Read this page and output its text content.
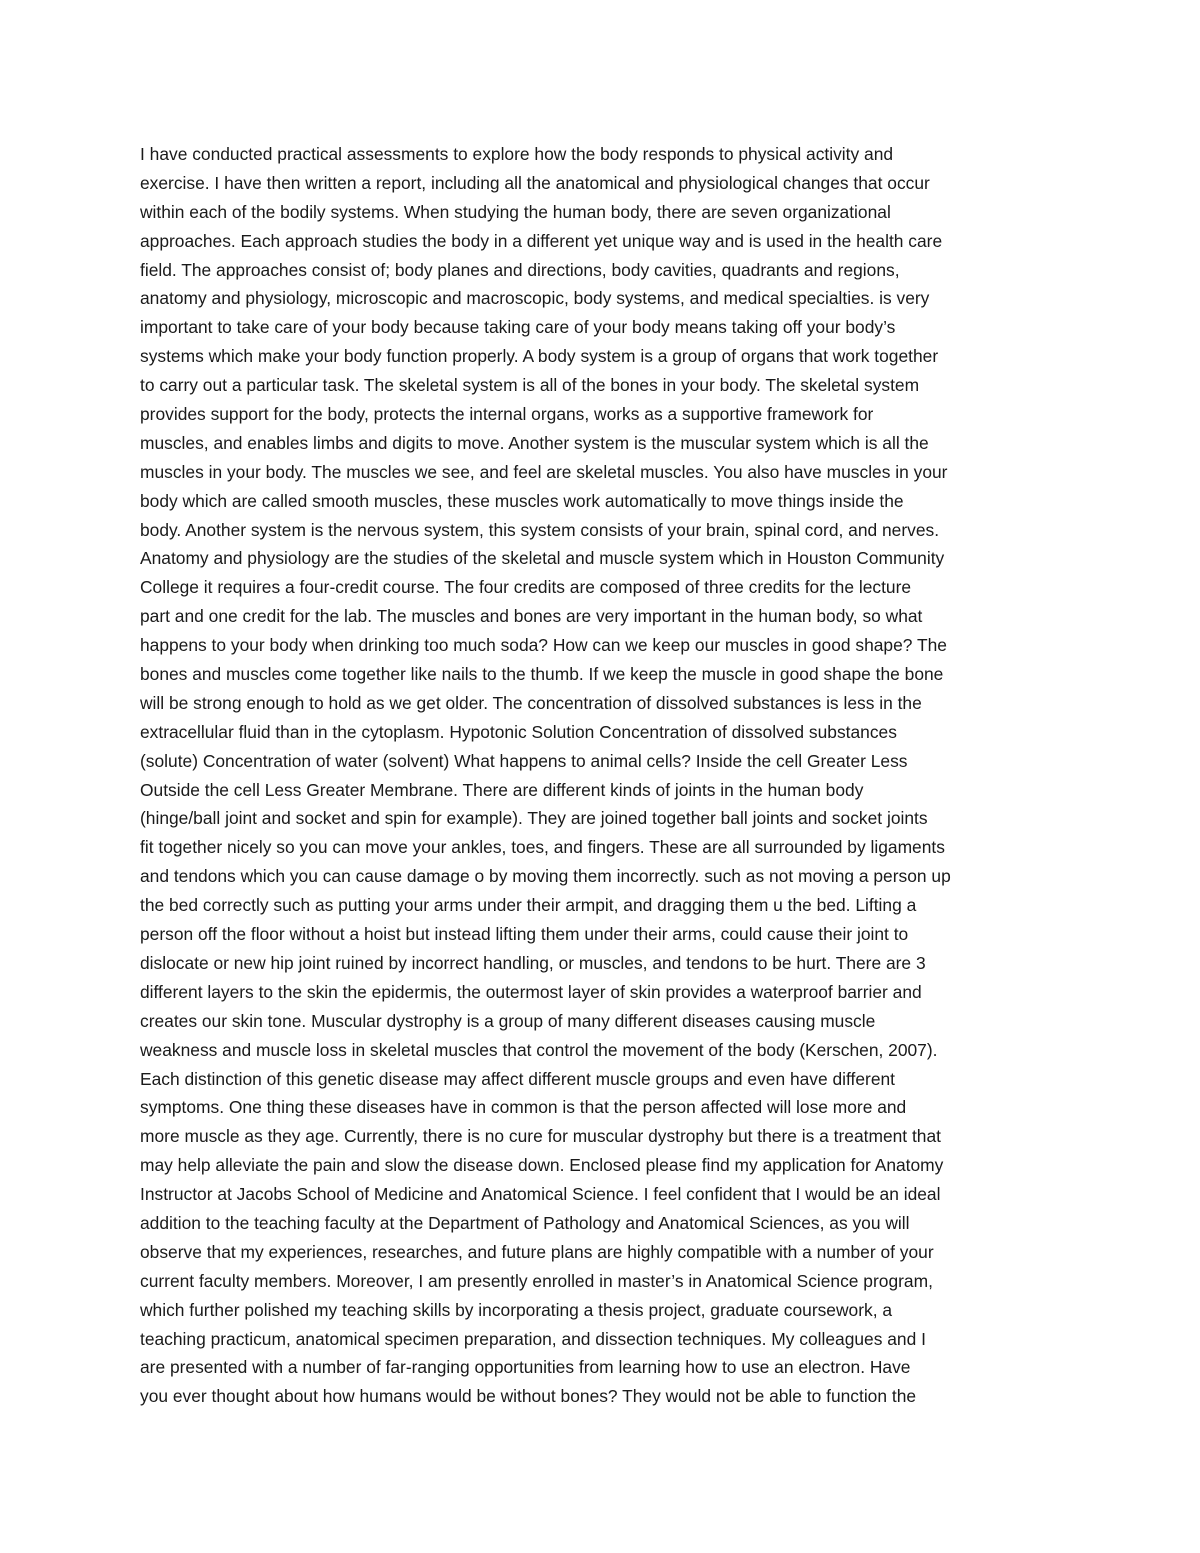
I have conducted practical assessments to explore how the body responds to physical activity and
exercise. I have then written a report, including all the anatomical and physiological changes that occur
within each of the bodily systems. When studying the human body, there are seven organizational
approaches. Each approach studies the body in a different yet unique way and is used in the health care
field. The approaches consist of; body planes and directions, body cavities, quadrants and regions,
anatomy and physiology, microscopic and macroscopic, body systems, and medical specialties. is very
important to take care of your body because taking care of your body means taking off your body’s
systems which make your body function properly. A body system is a group of organs that work together
to carry out a particular task. The skeletal system is all of the bones in your body. The skeletal system
provides support for the body, protects the internal organs, works as a supportive framework for
muscles, and enables limbs and digits to move. Another system is the muscular system which is all the
muscles in your body. The muscles we see, and feel are skeletal muscles. You also have muscles in your
body which are called smooth muscles, these muscles work automatically to move things inside the
body. Another system is the nervous system, this system consists of your brain, spinal cord, and nerves.
Anatomy and physiology are the studies of the skeletal and muscle system which in Houston Community
College it requires a four-credit course. The four credits are composed of three credits for the lecture
part and one credit for the lab. The muscles and bones are very important in the human body, so what
happens to your body when drinking too much soda? How can we keep our muscles in good shape? The
bones and muscles come together like nails to the thumb. If we keep the muscle in good shape the bone
will be strong enough to hold as we get older. The concentration of dissolved substances is less in the
extracellular fluid than in the cytoplasm. Hypotonic Solution Concentration of dissolved substances
(solute) Concentration of water (solvent) What happens to animal cells? Inside the cell Greater Less
Outside the cell Less Greater Membrane. There are different kinds of joints in the human body
(hinge/ball joint and socket and spin for example). They are joined together ball joints and socket joints
fit together nicely so you can move your ankles, toes, and fingers. These are all surrounded by ligaments
and tendons which you can cause damage o by moving them incorrectly. such as not moving a person up
the bed correctly such as putting your arms under their armpit, and dragging them u the bed. Lifting a
person off the floor without a hoist but instead lifting them under their arms, could cause their joint to
dislocate or new hip joint ruined by incorrect handling, or muscles, and tendons to be hurt. There are 3
different layers to the skin the epidermis, the outermost layer of skin provides a waterproof barrier and
creates our skin tone. Muscular dystrophy is a group of many different diseases causing muscle
weakness and muscle loss in skeletal muscles that control the movement of the body (Kerschen, 2007).
Each distinction of this genetic disease may affect different muscle groups and even have different
symptoms. One thing these diseases have in common is that the person affected will lose more and
more muscle as they age. Currently, there is no cure for muscular dystrophy but there is a treatment that
may help alleviate the pain and slow the disease down. Enclosed please find my application for Anatomy
Instructor at Jacobs School of Medicine and Anatomical Science. I feel confident that I would be an ideal
addition to the teaching faculty at the Department of Pathology and Anatomical Sciences, as you will
observe that my experiences, researches, and future plans are highly compatible with a number of your
current faculty members. Moreover, I am presently enrolled in master’s in Anatomical Science program,
which further polished my teaching skills by incorporating a thesis project, graduate coursework, a
teaching practicum, anatomical specimen preparation, and dissection techniques. My colleagues and I
are presented with a number of far-ranging opportunities from learning how to use an electron. Have
you ever thought about how humans would be without bones? They would not be able to function the
